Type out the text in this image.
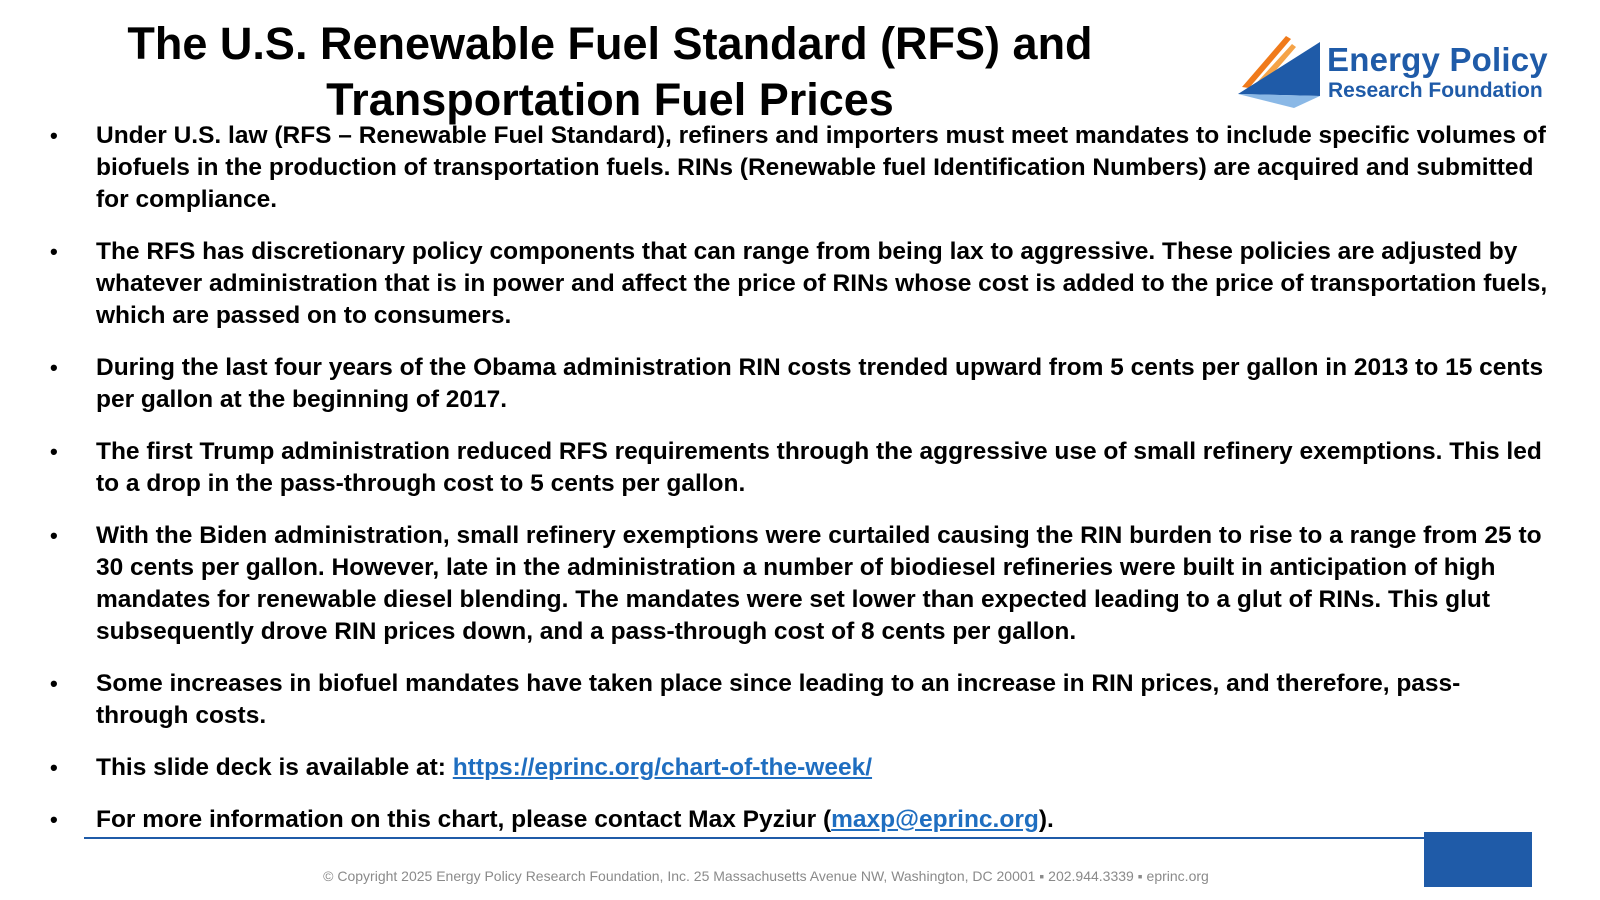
The U.S. Renewable Fuel Standard (RFS) and
Transportation Fuel Prices
Energy Policy
Research Foundation
•	Under U.S. law (RFS – Renewable Fuel Standard), refiners and importers must meet mandates to include specific volumes of biofuels in the production of transportation fuels. RINs (Renewable fuel Identification Numbers) are acquired and submitted for compliance.
•	The RFS has discretionary policy components that can range from being lax to aggressive. These policies are adjusted by whatever administration that is in power and affect the price of RINs whose cost is added to the price of transportation fuels, which are passed on to consumers.
•	During the last four years of the Obama administration RIN costs trended upward from 5 cents per gallon in 2013 to 15 cents per gallon at the beginning of 2017.
•	The first Trump administration reduced RFS requirements through the aggressive use of small refinery exemptions. This led to a drop in the pass-through cost to 5 cents per gallon.
•	With the Biden administration, small refinery exemptions were curtailed causing the RIN burden to rise to a range from 25 to 30 cents per gallon. However, late in the administration a number of biodiesel refineries were built in anticipation of high mandates for renewable diesel blending. The mandates were set lower than expected leading to a glut of RINs. This glut subsequently drove RIN prices down, and a pass-through cost of 8 cents per gallon.
•	Some increases in biofuel mandates have taken place since leading to an increase in RIN prices, and therefore, pass-through costs.
•	This slide deck is available at: https://eprinc.org/chart-of-the-week/
•	For more information on this chart, please contact Max Pyziur (maxp@eprinc.org).
© Copyright 2025 Energy Policy Research Foundation, Inc. 25 Massachusetts Avenue NW, Washington, DC 20001 ▪ 202.944.3339 ▪ eprinc.org
